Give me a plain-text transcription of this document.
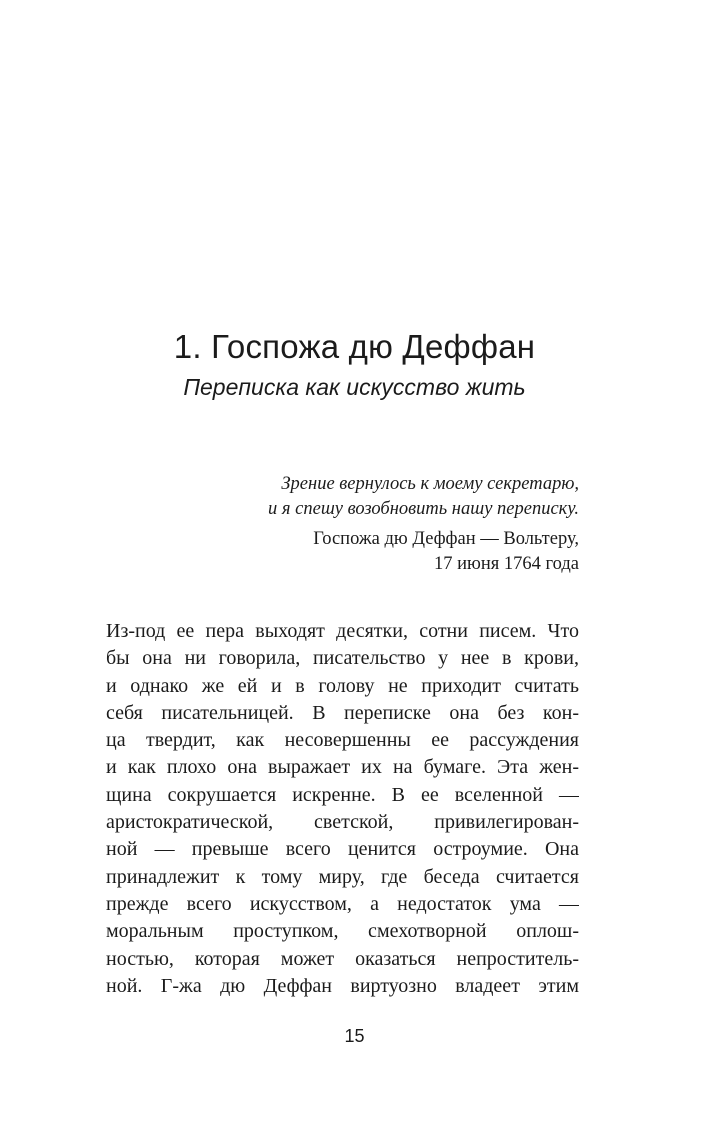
1. Госпожа дю Деффан
Переписка как искусство жить
Зрение вернулось к моему секретарю,
и я спешу возобновить нашу переписку.
Госпожа дю Деффан — Вольтеру,
17 июня 1764 года
Из-под ее пера выходят десятки, сотни писем. Что
бы она ни говорила, писательство у нее в крови,
и однако же ей и в голову не приходит считать
себя писательницей. В переписке она без кон-
ца твердит, как несовершенны ее рассуждения
и как плохо она выражает их на бумаге. Эта жен-
щина сокрушается искренне. В ее вселенной —
аристократической, светской, привилегирован-
ной — превыше всего ценится остроумие. Она
принадлежит к тому миру, где беседа считается
прежде всего искусством, а недостаток ума —
моральным проступком, смехотворной оплош-
ностью, которая может оказаться непроститель-
ной. Г-жа дю Деффан виртуозно владеет этим
15
